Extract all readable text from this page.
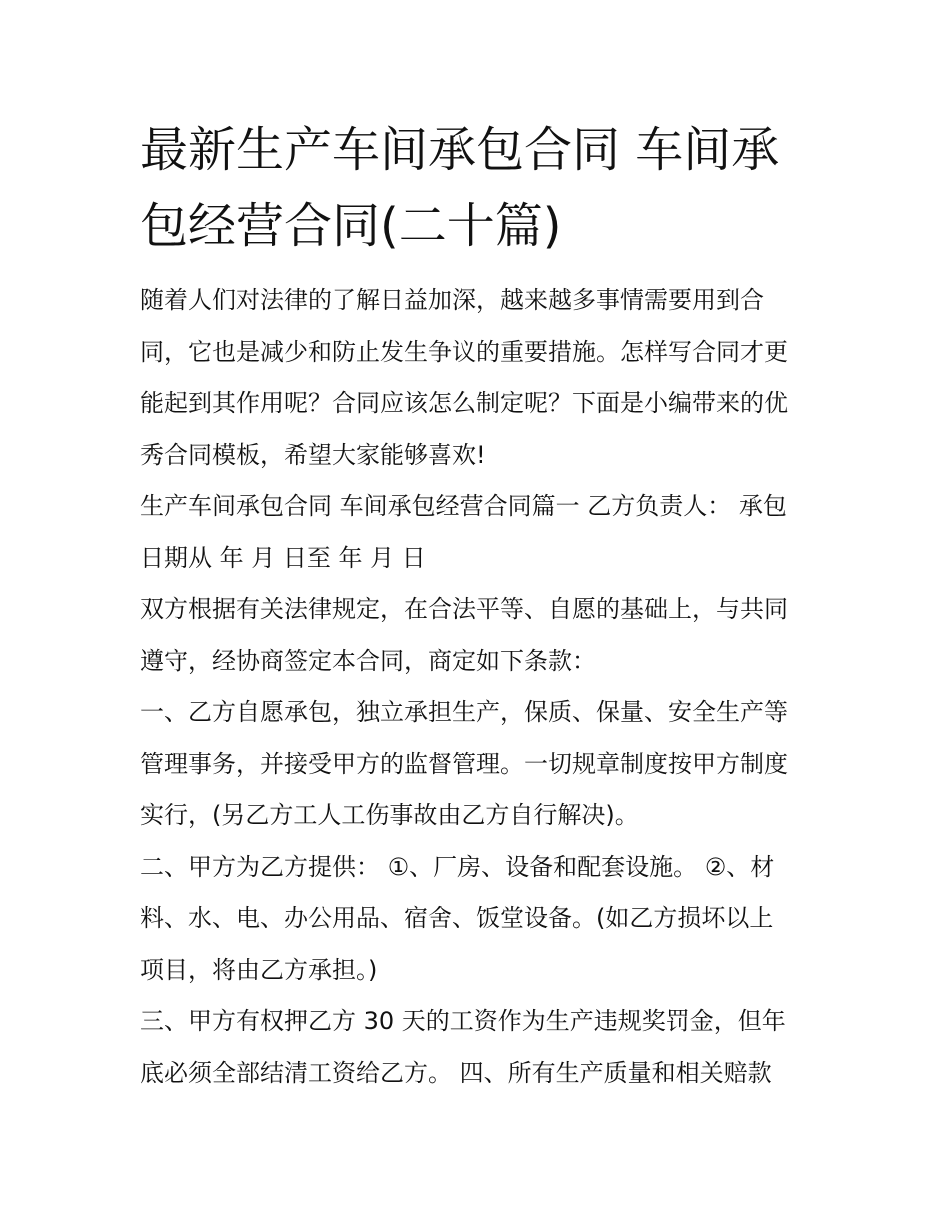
最新生产车间承包合同 车间承
包经营合同(二十篇)
随着人们对法律的了解日益加深，越来越多事情需要用到合
同，它也是减少和防止发生争议的重要措施。怎样写合同才更
能起到其作用呢？合同应该怎么制定呢？下面是小编带来的优
秀合同模板，希望大家能够喜欢!
生产车间承包合同 车间承包经营合同篇一 乙方负责人： 承包
日期从 年 月 日至 年 月 日
双方根据有关法律规定，在合法平等、自愿的基础上，与共同
遵守，经协商签定本合同，商定如下条款：
一、乙方自愿承包，独立承担生产，保质、保量、安全生产等
管理事务，并接受甲方的监督管理。一切规章制度按甲方制度
实行，(另乙方工人工伤事故由乙方自行解决)。
二、甲方为乙方提供： ①、厂房、设备和配套设施。 ②、材
料、水、电、办公用品、宿舍、饭堂设备。(如乙方损坏以上
项目，将由乙方承担。)
三、甲方有权押乙方 30 天的工资作为生产违规奖罚金，但年
底必须全部结清工资给乙方。 四、所有生产质量和相关赔款
